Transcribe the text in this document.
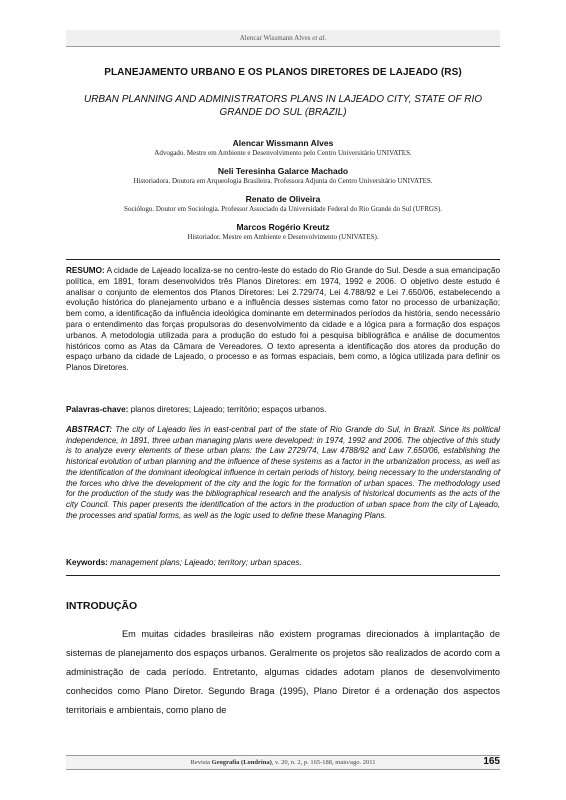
Alencar Wissmann Alves et al.
PLANEJAMENTO URBANO E OS PLANOS DIRETORES DE LAJEADO (RS)
URBAN PLANNING AND ADMINISTRATORS PLANS IN LAJEADO CITY, STATE OF RIO GRANDE DO SUL (BRAZIL)
Alencar Wissmann Alves
Advogado. Mestre em Ambiente e Desenvolvimento pelo Centro Universitário UNIVATES.
Neli Teresinha Galarce Machado
Historiadora. Doutora em Arqueologia Brasileira. Professora Adjunta do Centro Universitário UNIVATES.
Renato de Oliveira
Sociólogo. Doutor em Sociologia. Professor Associado da Universidade Federal do Rio Grande do Sul (UFRGS).
Marcos Rogério Kreutz
Historiador. Mestre em Ambiente e Desenvolvimento (UNIVATES).
RESUMO: A cidade de Lajeado localiza-se no centro-leste do estado do Rio Grande do Sul. Desde a sua emancipação política, em 1891, foram desenvolvidos três Planos Diretores: em 1974, 1992 e 2006. O objetivo deste estudo é analisar o conjunto de elementos dos Planos Diretores: Lei 2.729/74, Lei 4.788/92 e Lei 7.650/06, estabelecendo a evolução histórica do planejamento urbano e a influência desses sistemas como fator no processo de urbanização; bem como, a identificação da influência ideológica dominante em determinados períodos da história, sendo necessário para o entendimento das forças propulsoras do desenvolvimento da cidade e a lógica para a formação dos espaços urbanos. A metodologia utilizada para a produção do estudo foi a pesquisa bibliográfica e análise de documentos históricos como as Atas da Câmara de Vereadores. O texto apresenta a identificação dos atores da produção do espaço urbano da cidade de Lajeado, o processo e as formas espaciais, bem como, a lógica utilizada para definir os Planos Diretores.
Palavras-chave: planos diretores; Lajeado; território; espaços urbanos.
ABSTRACT: The city of Lajeado lies in east-central part of the state of Rio Grande do Sul, in Brazil. Since its political independence, in 1891, three urban managing plans were developed: in 1974, 1992 and 2006. The objective of this study is to analyze every elements of these urban plans: the Law 2729/74, Law 4788/92 and Law 7.650/06, establishing the historical evolution of urban planning and the influence of these systems as a factor in the urbanization process, as well as the identification of the dominant ideological influence in certain periods of history, being necessary to the understanding of the forces who drive the development of the city and the logic for the formation of urban spaces. The methodology used for the production of the study was the bibliographical research and the analysis of historical documents as the acts of the city Council. This paper presents the identification of the actors in the production of urban space from the city of Lajeado, the processes and spatial forms, as well as the logic used to define these Managing Plans.
Keywords: management plans; Lajeado; territory; urban spaces.
INTRODUÇÃO
Em muitas cidades brasileiras não existem programas direcionados à implantação de sistemas de planejamento dos espaços urbanos. Geralmente os projetos são realizados de acordo com a administração de cada período. Entretanto, algumas cidades adotam planos de desenvolvimento conhecidos como Plano Diretor. Segundo Braga (1995), Plano Diretor é a ordenação dos aspectos territoriais e ambientais, como plano de
Revista Geografia (Londrina), v. 20, n. 2, p. 165-188, maio/ago. 2011	165
